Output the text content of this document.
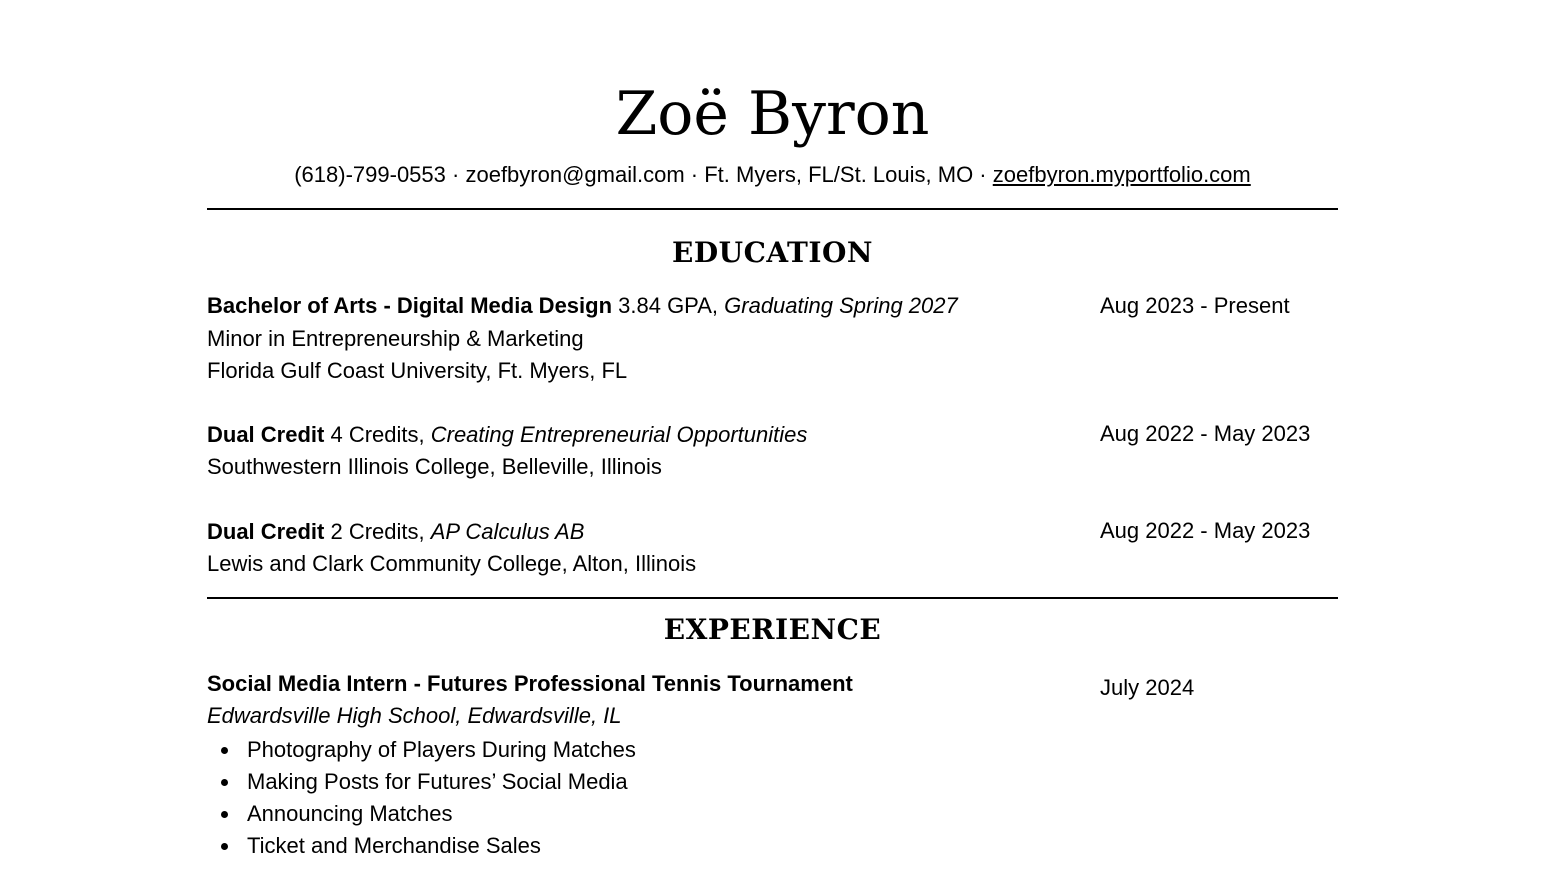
Zoë Byron

(618)-799-0553 · zoefbyron@gmail.com · Ft. Myers, FL/St. Louis, MO · zoefbyron.myportfolio.com

EDUCATION
Bachelor of Arts - Digital Media Design 3.84 GPA, Graduating Spring 2027	Aug 2023 - Present
Minor in Entrepreneurship & Marketing
Florida Gulf Coast University, Ft. Myers, FL
Dual Credit 4 Credits, Creating Entrepreneurial Opportunities	Aug 2022 - May 2023
Southwestern Illinois College, Belleville, Illinois
Dual Credit 2 Credits, AP Calculus AB	Aug 2022 - May 2023
Lewis and Clark Community College, Alton, Illinois
EXPERIENCE
Social Media Intern - Futures Professional Tennis Tournament	July 2024
Edwardsville High School, Edwardsville, IL
Photography of Players During Matches
Making Posts for Futures’ Social Media
Announcing Matches
Ticket and Merchandise Sales
